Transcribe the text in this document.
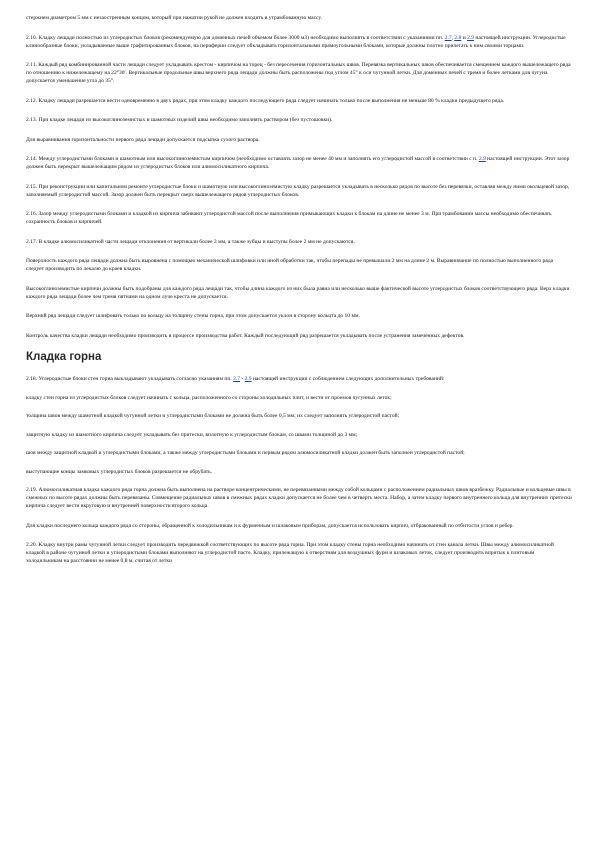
стержнем диаметром 5 мм с незаостренным концом, который при нажатии рукой не должен входить в утрамбованную массу.

2.10. Кладку лещади полностью из углеродистых блоков (рекомендуемую для доменных печей объемом более 3000 м3) необходимо выполнять в соответствии с указаниями пп. 2.7, 2.8 и 2.9 настоящей инструкции. Углеродистые клинообразные блоки, укладываемые выше графитированных блоков, на периферии следует обкладывать горизонтальными прямоугольными блоками, которые должны плотно прилегать к ним своими торцами.

2.11. Каждый ряд комбинированной части лещади следует укладывать крестом - кирпичом на торец - без пересечения горизонтальных швов. Перевязка вертикальных швов обеспечивается смещением каждого вышележащего ряда по отношению к нижележащему на 22°30′. Вертикальные продольные швы верхнего ряда лещади должны быть расположены под углом 45° к оси чугунной летки. Для доменных печей с тремя и более летками для чугуна допускается уменьшение угла до 35°.

2.12. Кладку лещади разрешается вести одновременно в двух рядах, при этом кладку каждого последующего ряда следует начинать только после выполнения не меньше 80 % кладки предыдущего ряда.

2.13. При кладке лещади из высокоглиноземистых и шамотных изделий швы необходимо заполнять раствором (без пустошовки).

Для выравнивания горизонтальности первого ряда лещади допускается подсыпка сухого раствора.

2.14. Между углеродистыми блоками и шамотным или высокоглиноземистым кирпичом (необходимо оставлять зазор не менее 40 мм и заполнять его углеродистой массой в соответствии с п. 2.9 настоящей инструкции. Этот зазор должен быть перекрыт вышележащим рядом из углеродистых блоков или алюмосиликатного кирпича.

2.15. При реконструкции или капитальном ремонте углеродистые блоки и шамотную или высокоглиноземистую кладку разрешается укладывать в несколько рядов по высоте без перевязки, оставляя между ними окольцевой зазор, заполняемый углеродистой массой. Зазор должен быть перекрыт сверх вышележащего рядов углеродистых блоков.

2.16. Зазор между углеродистыми блоками и кладкой из кирпича забивают углеродистой массой после выполнения примыкающих кладки к блокам на длине не менее 3 м. При трамбовании массы необходимо обеспечивать сохранность блоков и кирпичей.

2.17. В кладке алюмосиликатной части лещади отклонения от вертикали более 3 мм, а также зубцы и выступы более 2 мм не допускаются.

Поверхность каждого ряда лещади должна быть выровнена с помощью механической шлифовки или иной обработки так, чтобы перепады не превышали 2 мм на длине 2 м. Выравнивание по полностью выполненного ряда следует производить по лекалю до краев кладки.

Высокоглиноземистые кирпичи должны быть подобраны для каждого ряда лещади так, чтобы длина каждого из них была равна или несколько выше фактической высоте углеродистых блоков соответствующего ряда. Верх кладки каждого ряда лещади более чем тремя пятнами на одном луче креста не допускается.

Верхний ряд лещади следует шлифовать только по кольцу на толщину стены горна, при этом допускается уклон в сторону кольцта до 10 мм.

Контроль качества кладки лещади необходимо производить в процессе производства работ. Каждый последующий ряд разрешается укладывать после устранения замеченных дефектов.

Кладка горна

2.18. Углеродистые блоки стен горна выкладывают укладывать согласно указаниям пп. 2.7 - 2.9 настоящей инструкции с соблюдением следующих дополнительных требований:

кладку стен горна из углеродистых блоков следует начинать с кольца, расположенного со стороны холодильных плит, и вести от проемов чугунных леток;

толщина швов между шамотной кладкой чугунной летки и углеродистыми блоками не должна быть более 0,5 мм; их следует заполнять углеродистой пастой;

защитную кладку из шамотного кирпича следует укладывать без притески, вплотную к углеродистым блокам, со швами толщиной до 3 мм;

шов между защитной кладкой и углеродистыми блоками, а также между углеродистыми блоками и первым рядом алюмосиликатной кладки должен быть заполнен углеродистой пастой;

выступающие концы замковых углеродистых блоков разрешается не обрубать.

2.19. Алюмосиликатная кладка каждого ряда горна должна быть выполнена на растворе концентрическими, не перевязанными между собой кольцами с расположением радиальных швов вразбежку. Радиальные и кольцевые швы в смежных по высоте рядах должны быть перевязаны. Совмещение радиальных швов в смежных рядах кладки допускается не более чем в четверть места. Набор, а затем кладку первого внутреннего кольца для внутренних притески кирпича следует вести вкруговую и внутренней поверхности второго кольца.

Для кладки последнего кольца каждого ряда со стороны, обращенной к холодильникам и к фурменным и шлаковым приборам, допускается использовать кирпич, отбракованный по отбитости углов и ребер.

2.20. Кладку внутри рамы чугунной летки следует производить передвижкой соответствующих по высоте ряда горна. При этом кладку стены горна необходимо начинать от стен канала летки. Швы между алюмосиликатной кладкой в районе чугунной летки и углеродистыми блоками выполняют на углеродистой пасте. Кладку, прилежащую к отверстиям для воздушных фурм и шлаковых леток, следует производить впритык к плитовым холодильникам на расстоянии не менее 0,8 м, считая от летки
